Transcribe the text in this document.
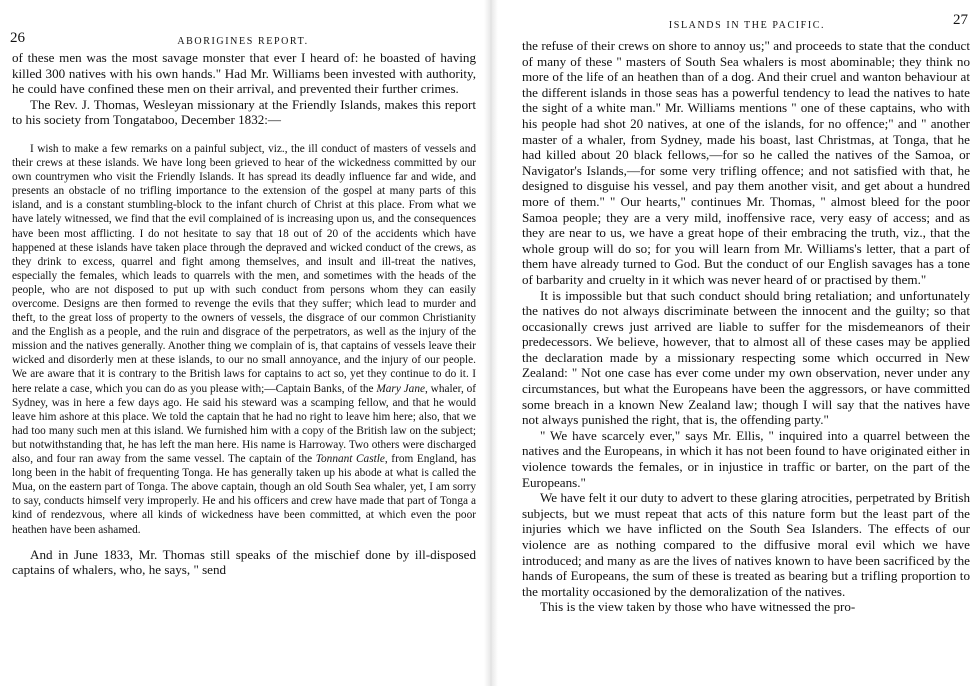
26	ABORIGINES REPORT.

of these men was the most savage monster that ever I heard of: he boasted of having killed 300 natives with his own hands." Had Mr. Williams been invested with authority, he could have confined these men on their arrival, and prevented their further crimes.

The Rev. J. Thomas, Wesleyan missionary at the Friendly Islands, makes this report to his society from Tongataboo, December 1832:—

I wish to make a few remarks on a painful subject, viz., the ill conduct of masters of vessels and their crews at these islands. We have long been grieved to hear of the wickedness committed by our own countrymen who visit the Friendly Islands. It has spread its deadly influence far and wide, and presents an obstacle of no trifling importance to the extension of the gospel at many parts of this island, and is a constant stumbling-block to the infant church of Christ at this place. From what we have lately witnessed, we find that the evil complained of is increasing upon us, and the consequences have been most afflicting. I do not hesitate to say that 18 out of 20 of the accidents which have happened at these islands have taken place through the depraved and wicked conduct of the crews, as they drink to excess, quarrel and fight among themselves, and insult and ill-treat the natives, especially the females, which leads to quarrels with the men, and sometimes with the heads of the people, who are not disposed to put up with such conduct from persons whom they can easily overcome. Designs are then formed to revenge the evils that they suffer; which lead to murder and theft, to the great loss of property to the owners of vessels, the disgrace of our common Christianity and the English as a people, and the ruin and disgrace of the perpetrators, as well as the injury of the mission and the natives generally. Another thing we complain of is, that captains of vessels leave their wicked and disorderly men at these islands, to our no small annoyance, and the injury of our people. We are aware that it is contrary to the British laws for captains to act so, yet they continue to do it. I here relate a case, which you can do as you please with;—Captain Banks, of the Mary Jane, whaler, of Sydney, was in here a few days ago. He said his steward was a scamping fellow, and that he would leave him ashore at this place. We told the captain that he had no right to leave him here; also, that we had too many such men at this island. We furnished him with a copy of the British law on the subject; but notwithstanding that, he has left the man here. His name is Harroway. Two others were discharged also, and four ran away from the same vessel. The captain of the Tonnant Castle, from England, has long been in the habit of frequenting Tonga. He has generally taken up his abode at what is called the Mua, on the eastern part of Tonga. The above captain, though an old South Sea whaler, yet, I am sorry to say, conducts himself very improperly. He and his officers and crew have made that part of Tonga a kind of rendezvous, where all kinds of wickedness have been committed, at which even the poor heathen have been ashamed.

And in June 1833, Mr. Thomas still speaks of the mischief done by ill-disposed captains of whalers, who, he says, " send

ISLANDS IN THE PACIFIC.	27

the refuse of their crews on shore to annoy us;" and proceeds to state that the conduct of many of these " masters of South Sea whalers is most abominable; they think no more of the life of an heathen than of a dog. And their cruel and wanton behaviour at the different islands in those seas has a powerful tendency to lead the natives to hate the sight of a white man." Mr. Williams mentions " one of these captains, who with his people had shot 20 natives, at one of the islands, for no offence;" and " another master of a whaler, from Sydney, made his boast, last Christmas, at Tonga, that he had killed about 20 black fellows,—for so he called the natives of the Samoa, or Navigator's Islands,—for some very trifling offence; and not satisfied with that, he designed to disguise his vessel, and pay them another visit, and get about a hundred more of them." " Our hearts," continues Mr. Thomas, " almost bleed for the poor Samoa people; they are a very mild, inoffensive race, very easy of access; and as they are near to us, we have a great hope of their embracing the truth, viz., that the whole group will do so; for you will learn from Mr. Williams's letter, that a part of them have already turned to God. But the conduct of our English savages has a tone of barbarity and cruelty in it which was never heard of or practised by them."

It is impossible but that such conduct should bring retaliation; and unfortunately the natives do not always discriminate between the innocent and the guilty; so that occasionally crews just arrived are liable to suffer for the misdemeanors of their predecessors. We believe, however, that to almost all of these cases may be applied the declaration made by a missionary respecting some which occurred in New Zealand: " Not one case has ever come under my own observation, never under any circumstances, but what the Europeans have been the aggressors, or have committed some breach in a known New Zealand law; though I will say that the natives have not always punished the right, that is, the offending party."

" We have scarcely ever," says Mr. Ellis, " inquired into a quarrel between the natives and the Europeans, in which it has not been found to have originated either in violence towards the females, or in injustice in traffic or barter, on the part of the Europeans."

We have felt it our duty to advert to these glaring atrocities, perpetrated by British subjects, but we must repeat that acts of this nature form but the least part of the injuries which we have inflicted on the South Sea Islanders. The effects of our violence are as nothing compared to the diffusive moral evil which we have introduced; and many as are the lives of natives known to have been sacrificed by the hands of Europeans, the sum of these is treated as bearing but a trifling proportion to the mortality occasioned by the demoralization of the natives.

This is the view taken by those who have witnessed the pro-
